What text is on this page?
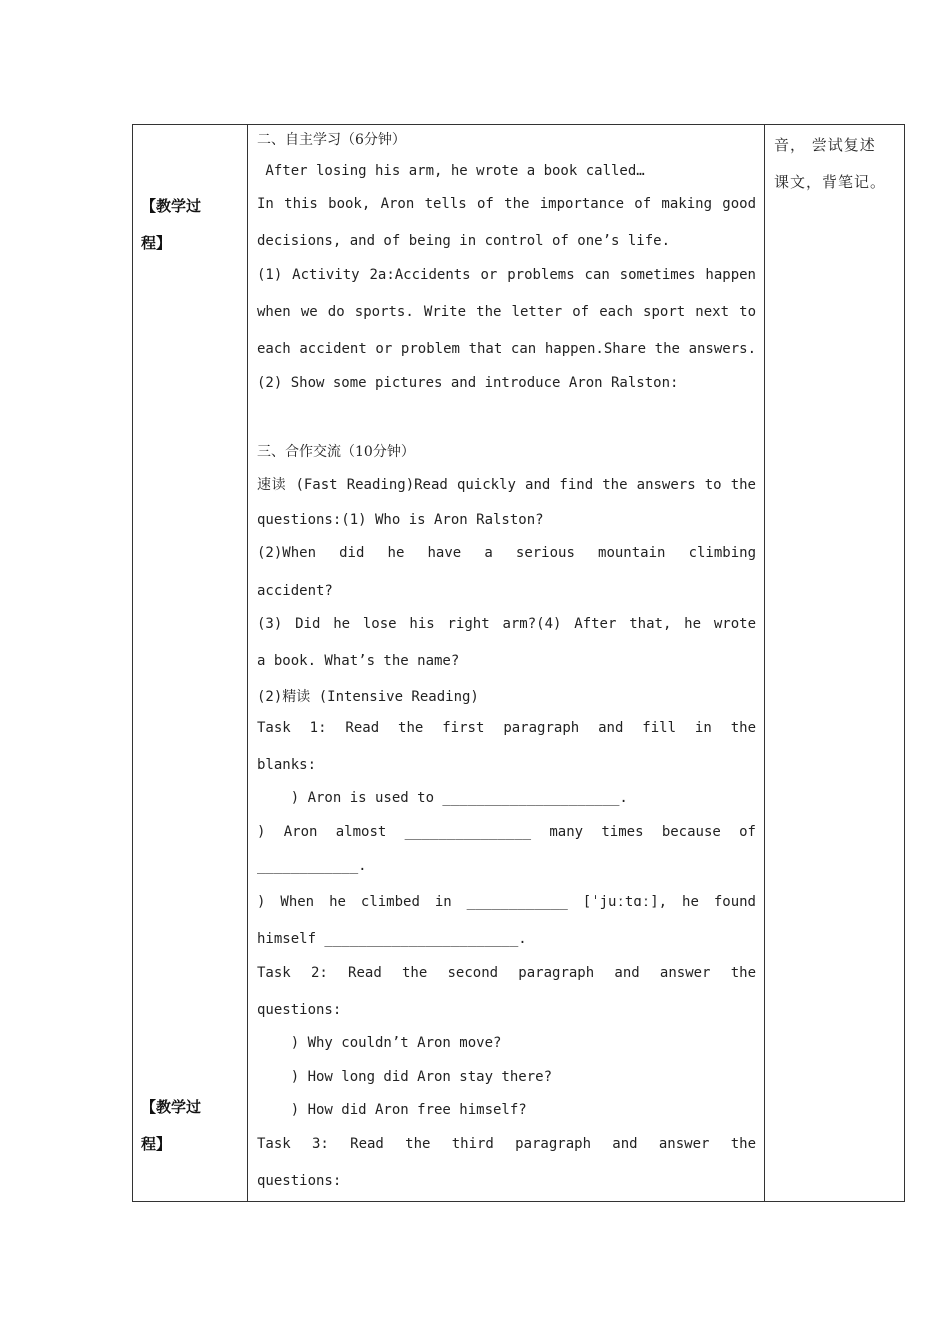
【教学过
程】
【教学过
程】
二、自主学习（6分钟）
After losing his arm, he wrote a book called…
In this book, Aron tells of the importance of making good
decisions, and of being in control of one’s life.
(1) Activity 2a:Accidents or problems can sometimes happen
when we do sports. Write the letter of each sport next to
each accident or problem that can happen.Share the answers.
(2) Show some pictures and introduce Aron Ralston:
三、合作交流（10分钟）
速读 (Fast Reading)Read quickly and find the answers to the
questions:(1) Who is Aron Ralston?
(2)When did he have a serious mountain climbing
accident?
(3) Did he lose his right arm?(4) After that, he wrote
a book. What’s the name?
(2)精读 (Intensive Reading)
Task 1: Read the first paragraph and fill in the
blanks:
) Aron is used to _____________________.
) Aron almost _______________ many times because of
____________.
) When he climbed in ____________ [ˈjuːtɑː], he found
himself _______________________.
Task 2: Read the second paragraph and answer the
questions:
) Why couldn’t Aron move?
) How long did Aron stay there?
) How did Aron free himself?
Task 3: Read the third paragraph and answer the
questions:
音， 尝试复述
课文，背笔记。
